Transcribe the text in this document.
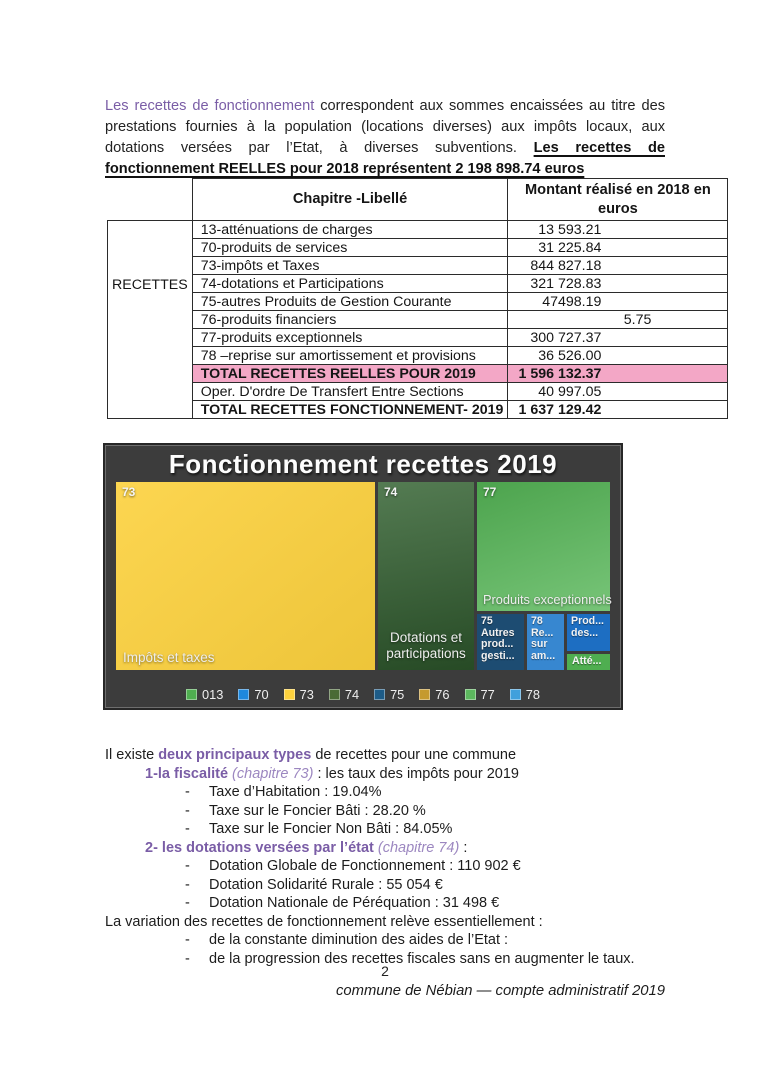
Les recettes de fonctionnement correspondent aux sommes encaissées au titre des prestations fournies à la population (locations diverses) aux impôts locaux, aux dotations versées par l’Etat, à diverses subventions. Les recettes de fonctionnement REELLES pour 2018 représentent 2 198 898.74 euros

	Chapitre -Libellé	Montant réalisé en 2018 en euros
RECETTES	13-atténuations de charges	13 593.21
	70-produits de services	31 225.84
	73-impôts et Taxes	844 827.18
	74-dotations et Participations	321 728.83
	75-autres Produits de Gestion Courante	47498.19
	76-produits financiers	5.75
	77-produits exceptionnels	300 727.37
	78 –reprise sur amortissement et provisions	36 526.00
	TOTAL RECETTES REELLES POUR 2019	1 596 132.37
	Oper. D'ordre De Transfert Entre Sections	40 997.05
	TOTAL RECETTES FONCTIONNEMENT- 2019	1 637 129.42
Fonctionnement recettes 2019
73
Impôts et taxes
74
Dotations et participations
77
Produits exceptionnels
75
Autres
prod...
gesti...
78
Re...
sur
am...
Prod...
des...
Atté...
013 70 73 74 75 76 77 78
Il existe deux principaux types de recettes pour une commune
1-la fiscalité (chapitre 73) : les taux des impôts pour 2019
-	Taxe d’Habitation : 19.04%
-	Taxe sur le Foncier Bâti : 28.20 %
-	Taxe sur le Foncier Non Bâti : 84.05%
2- les dotations versées par l’état (chapitre 74) :
-	Dotation Globale de Fonctionnement : 110 902 €
-	Dotation Solidarité Rurale : 55 054 €
-	Dotation Nationale de Péréquation : 31 498 €
La variation des recettes de fonctionnement relève essentiellement :
-	de la constante diminution des aides de l’Etat :
-	de la progression des recettes fiscales sans en augmenter le taux.
2
commune de Nébian — compte administratif 2019
